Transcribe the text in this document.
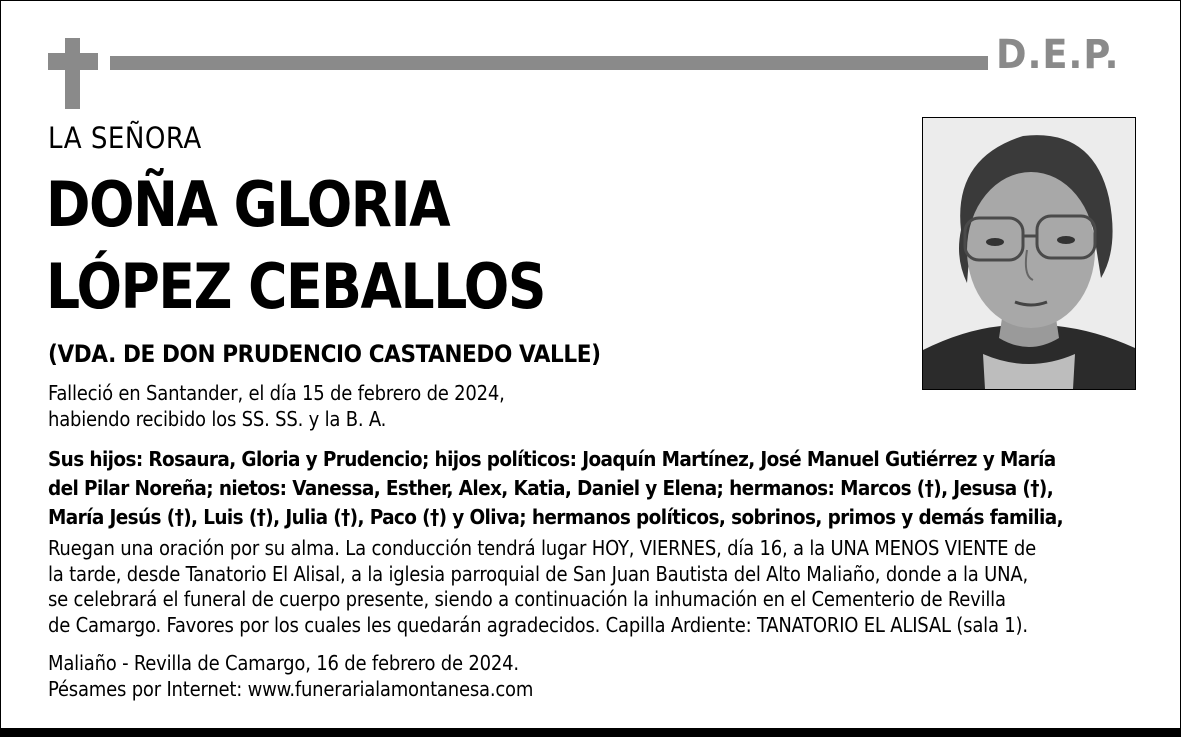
D.E.P.
LA SEÑORA
DOÑA GLORIA
LÓPEZ CEBALLOS
(VDA. DE DON PRUDENCIO CASTANEDO VALLE)
Falleció en Santander, el día 15 de febrero de 2024,
habiendo recibido los SS. SS. y la B. A.
Sus hijos: Rosaura, Gloria y Prudencio; hijos políticos: Joaquín Martínez, José Manuel Gutiérrez y María
del Pilar Noreña; nietos: Vanessa, Esther, Alex, Katia, Daniel y Elena; hermanos: Marcos (†), Jesusa (†),
María Jesús (†), Luis (†), Julia (†), Paco (†) y Oliva; hermanos políticos, sobrinos, primos y demás familia,
Ruegan una oración por su alma. La conducción tendrá lugar HOY, VIERNES, día 16, a la UNA MENOS VIENTE de
la tarde, desde Tanatorio El Alisal, a la iglesia parroquial de San Juan Bautista del Alto Maliaño, donde a la UNA,
se celebrará el funeral de cuerpo presente, siendo a continuación la inhumación en el Cementerio de Revilla
de Camargo. Favores por los cuales les quedarán agradecidos. Capilla Ardiente: TANATORIO EL ALISAL (sala 1).
Maliaño - Revilla de Camargo, 16 de febrero de 2024.
Pésames por Internet: www.funerarialamontanesa.com
